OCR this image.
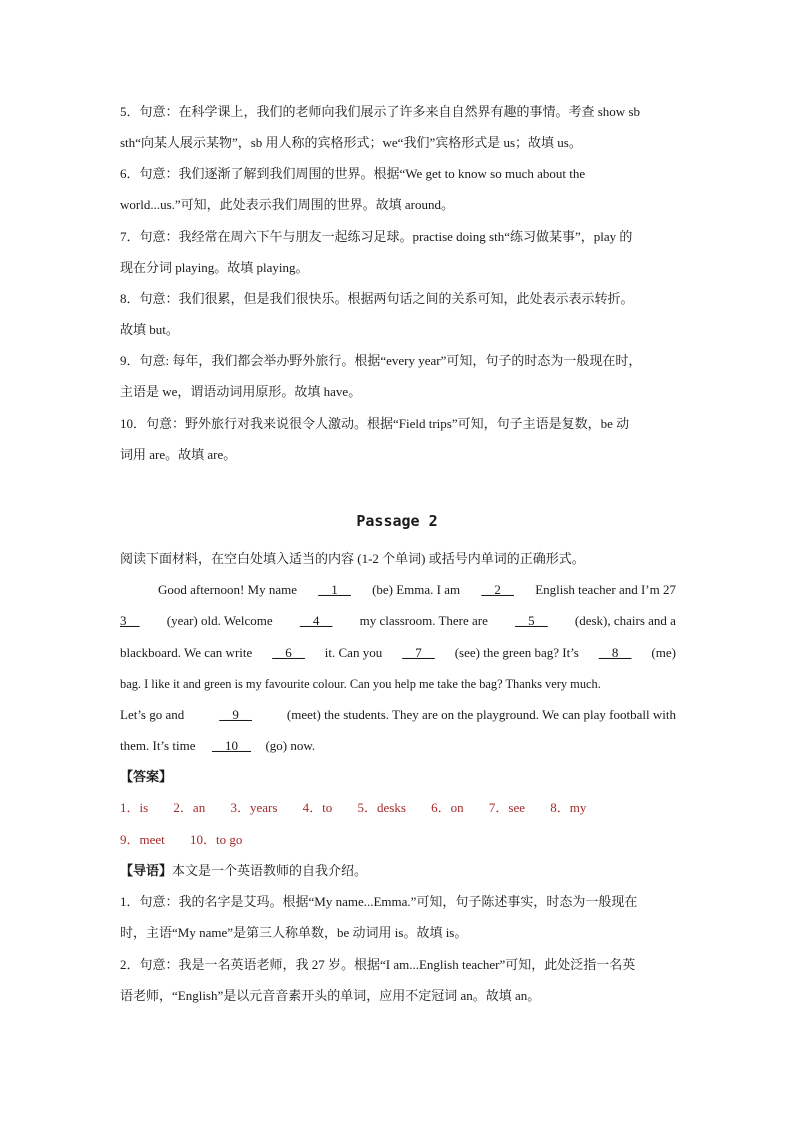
5．句意：在科学课上，我们的老师向我们展示了许多来自自然界有趣的事情。考查 show sb
sth“向某人展示某物”，sb 用人称的宾格形式；we“我们”宾格形式是 us；故填 us。
6．句意：我们逐渐了解到我们周围的世界。根据“We get to know so much about the
world...us.”可知，此处表示我们周围的世界。故填 around。
7．句意：我经常在周六下午与朋友一起练习足球。practise doing sth“练习做某事”，play 的
现在分词 playing。故填 playing。
8．句意：我们很累，但是我们很快乐。根据两句话之间的关系可知，此处表示表示转折。
故填 but。
9．句意: 每年，我们都会举办野外旅行。根据“every year”可知，句子的时态为一般现在时，
主语是 we，谓语动词用原形。故填 have。
10．句意：野外旅行对我来说很令人激动。根据“Field trips”可知，句子主语是复数，be 动
词用 are。故填 are。
Passage 2
阅读下面材料，在空白处填入适当的内容 (1-2 个单词) 或括号内单词的正确形式。
Good afternoon! My name __1__ (be) Emma. I am __2__ English teacher and I’m 27
3__ (year) old. Welcome __4__ my classroom. There are __5__ (desk), chairs and a
blackboard. We can write __6__ it. Can you __7__ (see) the green bag? It’s __8__ (me)
bag. I like it and green is my favourite colour. Can you help me take the bag? Thanks very much.
Let’s go and	__9__	(meet) the students. They are on the playground. We can play football with
them. It’s time __10__ (go) now.
【答案】
1．is 2．an 3．years 4．to 5．desks 6．on 7．see 8．my
9．meet 10．to go
【导语】本文是一个英语教师的自我介绍。
1．句意：我的名字是艾玛。根据“My name...Emma.”可知，句子陈述事实，时态为一般现在
时，主语“My name”是第三人称单数，be 动词用 is。故填 is。
2．句意：我是一名英语老师，我 27 岁。根据“I am...English teacher”可知，此处泛指一名英
语老师，“English”是以元音音素开头的单词，应用不定冠词 an。故填 an。
